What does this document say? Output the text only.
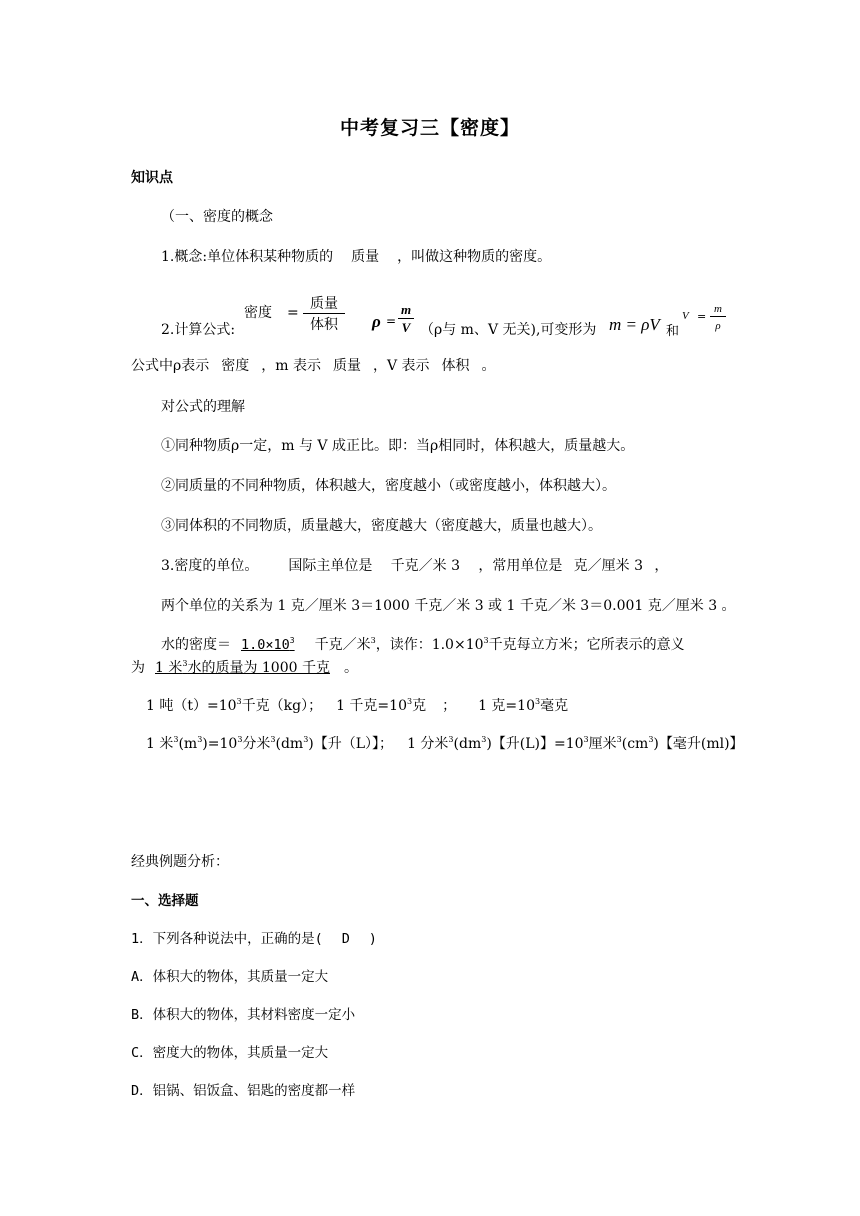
中考复习三【密度】
知识点
（一、密度的概念
1.概念:单位体积某种物质的 质量 ，叫做这种物质的密度。
2.计算公式:
密度 =
质量
体积	ρ =
m
V （ρ与 m、V 无关),可变形为 m = ρV 和
V =
m
ρ
公式中ρ表示 密度 ，m 表示 质量 ，V 表示 体积 。
对公式的理解
①同种物质ρ一定，m 与 V 成正比。即：当ρ相同时，体积越大，质量越大。
②同质量的不同种物质，体积越大，密度越小（或密度越小，体积越大）。
③同体积的不同物质，质量越大，密度越大（密度越大，质量也越大）。
3.密度的单位。 国际主单位是 千克／米 3 ，常用单位是 克／厘米 3 ，
两个单位的关系为 1 克／厘米 3＝1000 千克／米 3 或 1 千克／米 3＝0.001 克／厘米 3 。
水的密度＝ $1.0\times 10^3$ 千克／米$^3$，读作：$1.0\times 10^3$千克每立方米；它所表示的意义
为 1 米$^3$水的质量为 1000 千克 。
1 吨$(t)=10^3$千克（kg）； 1 千克$=10^3$克 ； 1 克$=10^3$毫克
1 米$^3(m^3)=10^3$分米$^3(dm^3)$【升（L）】； 1 分米$^3(dm^3)$【升(L)】$=10^3$厘米$^3(cm^3)$【毫升(ml)】
经典例题分析：
一、选择题
1．下列各种说法中，正确的是( D )
A．体积大的物体，其质量一定大
B．体积大的物体，其材料密度一定小
C．密度大的物体，其质量一定大
D．铝锅、铝饭盒、铝匙的密度都一样
